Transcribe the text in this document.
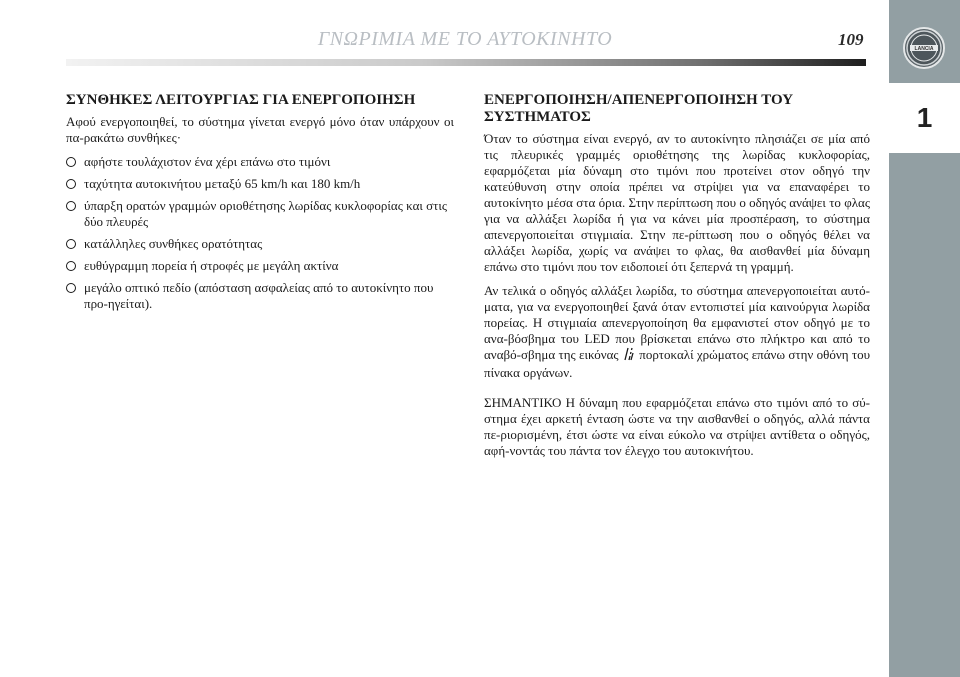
ΓΝΩΡΙΜΙΑ ΜΕ ΤΟ ΑΥΤΟΚΙΝΗΤΟ	109	LANCIA
1
ΣΥΝΘΗΚΕΣ ΛΕΙΤΟΥΡΓΙΑΣ ΓΙΑ ΕΝΕΡΓΟΠΟΙΗΣΗ

Αφού ενεργοποιηθεί, το σύστημα γίνεται ενεργό μόνο όταν υπάρχουν οι πα-ρακάτω συνθήκες·

αφήστε τουλάχιστον ένα χέρι επάνω στο τιμόνι
ταχύτητα αυτοκινήτου μεταξύ 65 km/h και 180 km/h
ύπαρξη ορατών γραμμών οριοθέτησης λωρίδας κυκλοφορίας και στις δύο πλευρές
κατάλληλες συνθήκες ορατότητας
ευθύγραμμη πορεία ή στροφές με μεγάλη ακτίνα
μεγάλο οπτικό πεδίο (απόσταση ασφαλείας από το αυτοκίνητο που προ-ηγείται).
ΕΝΕΡΓΟΠΟΙΗΣΗ/ΑΠΕΝΕΡΓΟΠΟΙΗΣΗ ΤΟΥ ΣΥΣΤΗΜΑΤΟΣ

Όταν το σύστημα είναι ενεργό, αν το αυτοκίνητο πλησιάζει σε μία από τις πλευρικές γραμμές οριοθέτησης της λωρίδας κυκλοφορίας, εφαρμόζεται μία δύναμη στο τιμόνι που προτείνει στον οδηγό την κατεύθυνση στην οποία πρέπει να στρίψει για να επαναφέρει το αυτοκίνητο μέσα στα όρια. Στην περίπτωση που ο οδηγός ανάψει το φλας για να αλλάξει λωρίδα ή για να κάνει μία προσπέραση, το σύστημα απενεργοποιείται στιγμιαία. Στην πε-ρίπτωση που ο οδηγός θέλει να αλλάξει λωρίδα, χωρίς να ανάψει το φλας, θα αισθανθεί μία δύναμη επάνω στο τιμόνι που τον ειδοποιεί ότι ξεπερνά τη γραμμή.

Αν τελικά ο οδηγός αλλάξει λωρίδα, το σύστημα απενεργοποιείται αυτό-ματα, για να ενεργοποιηθεί ξανά όταν εντοπιστεί μία καινούργια λωρίδα πορείας. Η στιγμιαία απενεργοποίηση θα εμφανιστεί στον οδηγό με το ανα-βόσβημα του LED που βρίσκεται επάνω στο πλήκτρο και από το αναβό-σβημα της εικόνας πορτοκαλί χρώματος επάνω στην οθόνη του πίνακα οργάνων.

ΣΗΜΑΝΤΙΚΟ Η δύναμη που εφαρμόζεται επάνω στο τιμόνι από το σύ-στημα έχει αρκετή ένταση ώστε να την αισθανθεί ο οδηγός, αλλά πάντα πε-ριορισμένη, έτσι ώστε να είναι εύκολο να στρίψει αντίθετα ο οδηγός, αφή-νοντάς του πάντα τον έλεγχο του αυτοκινήτου.
